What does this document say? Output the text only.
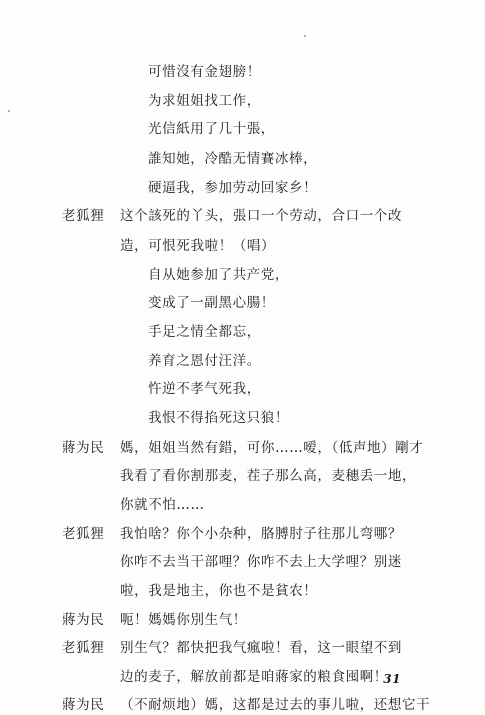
可惜沒有金翅膀！
为求姐姐找工作，
光信紙用了几十張，
誰知她，冷酷无情賽冰棒，
硬逼我，参加劳动回家乡！
老狐狸 这个該死的丫头，張口一个劳动，合口一个改
造，可恨死我啦！（唱）
自从她参加了共产党，
变成了一副黑心腸！
手足之情全都忘，
养育之恩付汪洋。
忤逆不孝气死我，
我恨不得掐死这只狼！
蔣为民 媽，姐姐当然有錯，可你……嗳，（低声地）剛才
我看了看你割那麦，茬子那么高，麦穗丢一地，
你就不怕……
老狐狸 我怕啥？你个小杂种，胳膊肘子往那儿弯哪？
你咋不去当干部哩？你咋不去上大学哩？别迷
啦，我是地主，你也不是貧农！
蔣为民 呃！媽媽你別生气！
31
老狐狸 别生气？都快把我气瘋啦！看，这一眼望不到
边的麦子，解放前都是咱蔣家的粮食囤啊！
蔣为民 （不耐烦地）媽，这都是过去的事儿啦，还想它干
